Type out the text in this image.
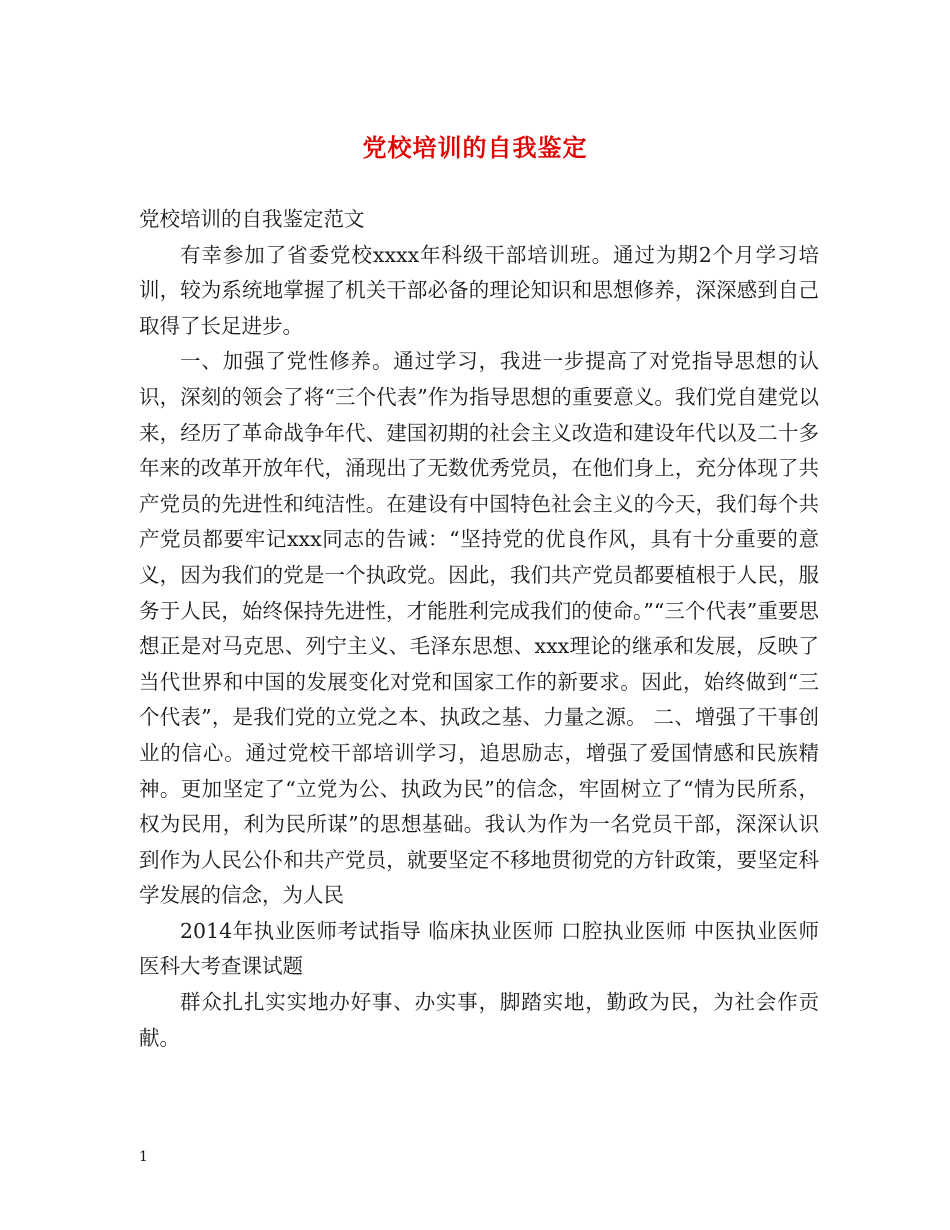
党校培训的自我鉴定

党校培训的自我鉴定范文

有幸参加了省委党校xxxx年科级干部培训班。通过为期2个月学习培训，较为系统地掌握了机关干部必备的理论知识和思想修养，深深感到自己取得了长足进步。

一、加强了党性修养。通过学习，我进一步提高了对党指导思想的认识，深刻的领会了将“三个代表”作为指导思想的重要意义。我们党自建党以来，经历了革命战争年代、建国初期的社会主义改造和建设年代以及二十多年来的改革开放年代，涌现出了无数优秀党员，在他们身上，充分体现了共产党员的先进性和纯洁性。在建设有中国特色社会主义的今天，我们每个共产党员都要牢记xxx同志的告诫：“坚持党的优良作风，具有十分重要的意义，因为我们的党是一个执政党。因此，我们共产党员都要植根于人民，服务于人民，始终保持先进性，才能胜利完成我们的使命。”“三个代表”重要思想正是对马克思、列宁主义、毛泽东思想、xxx理论的继承和发展，反映了当代世界和中国的发展变化对党和国家工作的新要求。因此，始终做到“三个代表”，是我们党的立党之本、执政之基、力量之源。 二、增强了干事创业的信心。通过党校干部培训学习，追思励志，增强了爱国情感和民族精神。更加坚定了“立党为公、执政为民”的信念，牢固树立了“情为民所系，权为民用，利为民所谋”的思想基础。我认为作为一名党员干部，深深认识到作为人民公仆和共产党员，就要坚定不移地贯彻党的方针政策，要坚定科学发展的信念，为人民

2014年执业医师考试指导 临床执业医师 口腔执业医师 中医执业医师 医科大考查课试题

群众扎扎实实地办好事、办实事，脚踏实地，勤政为民，为社会作贡献。

1
